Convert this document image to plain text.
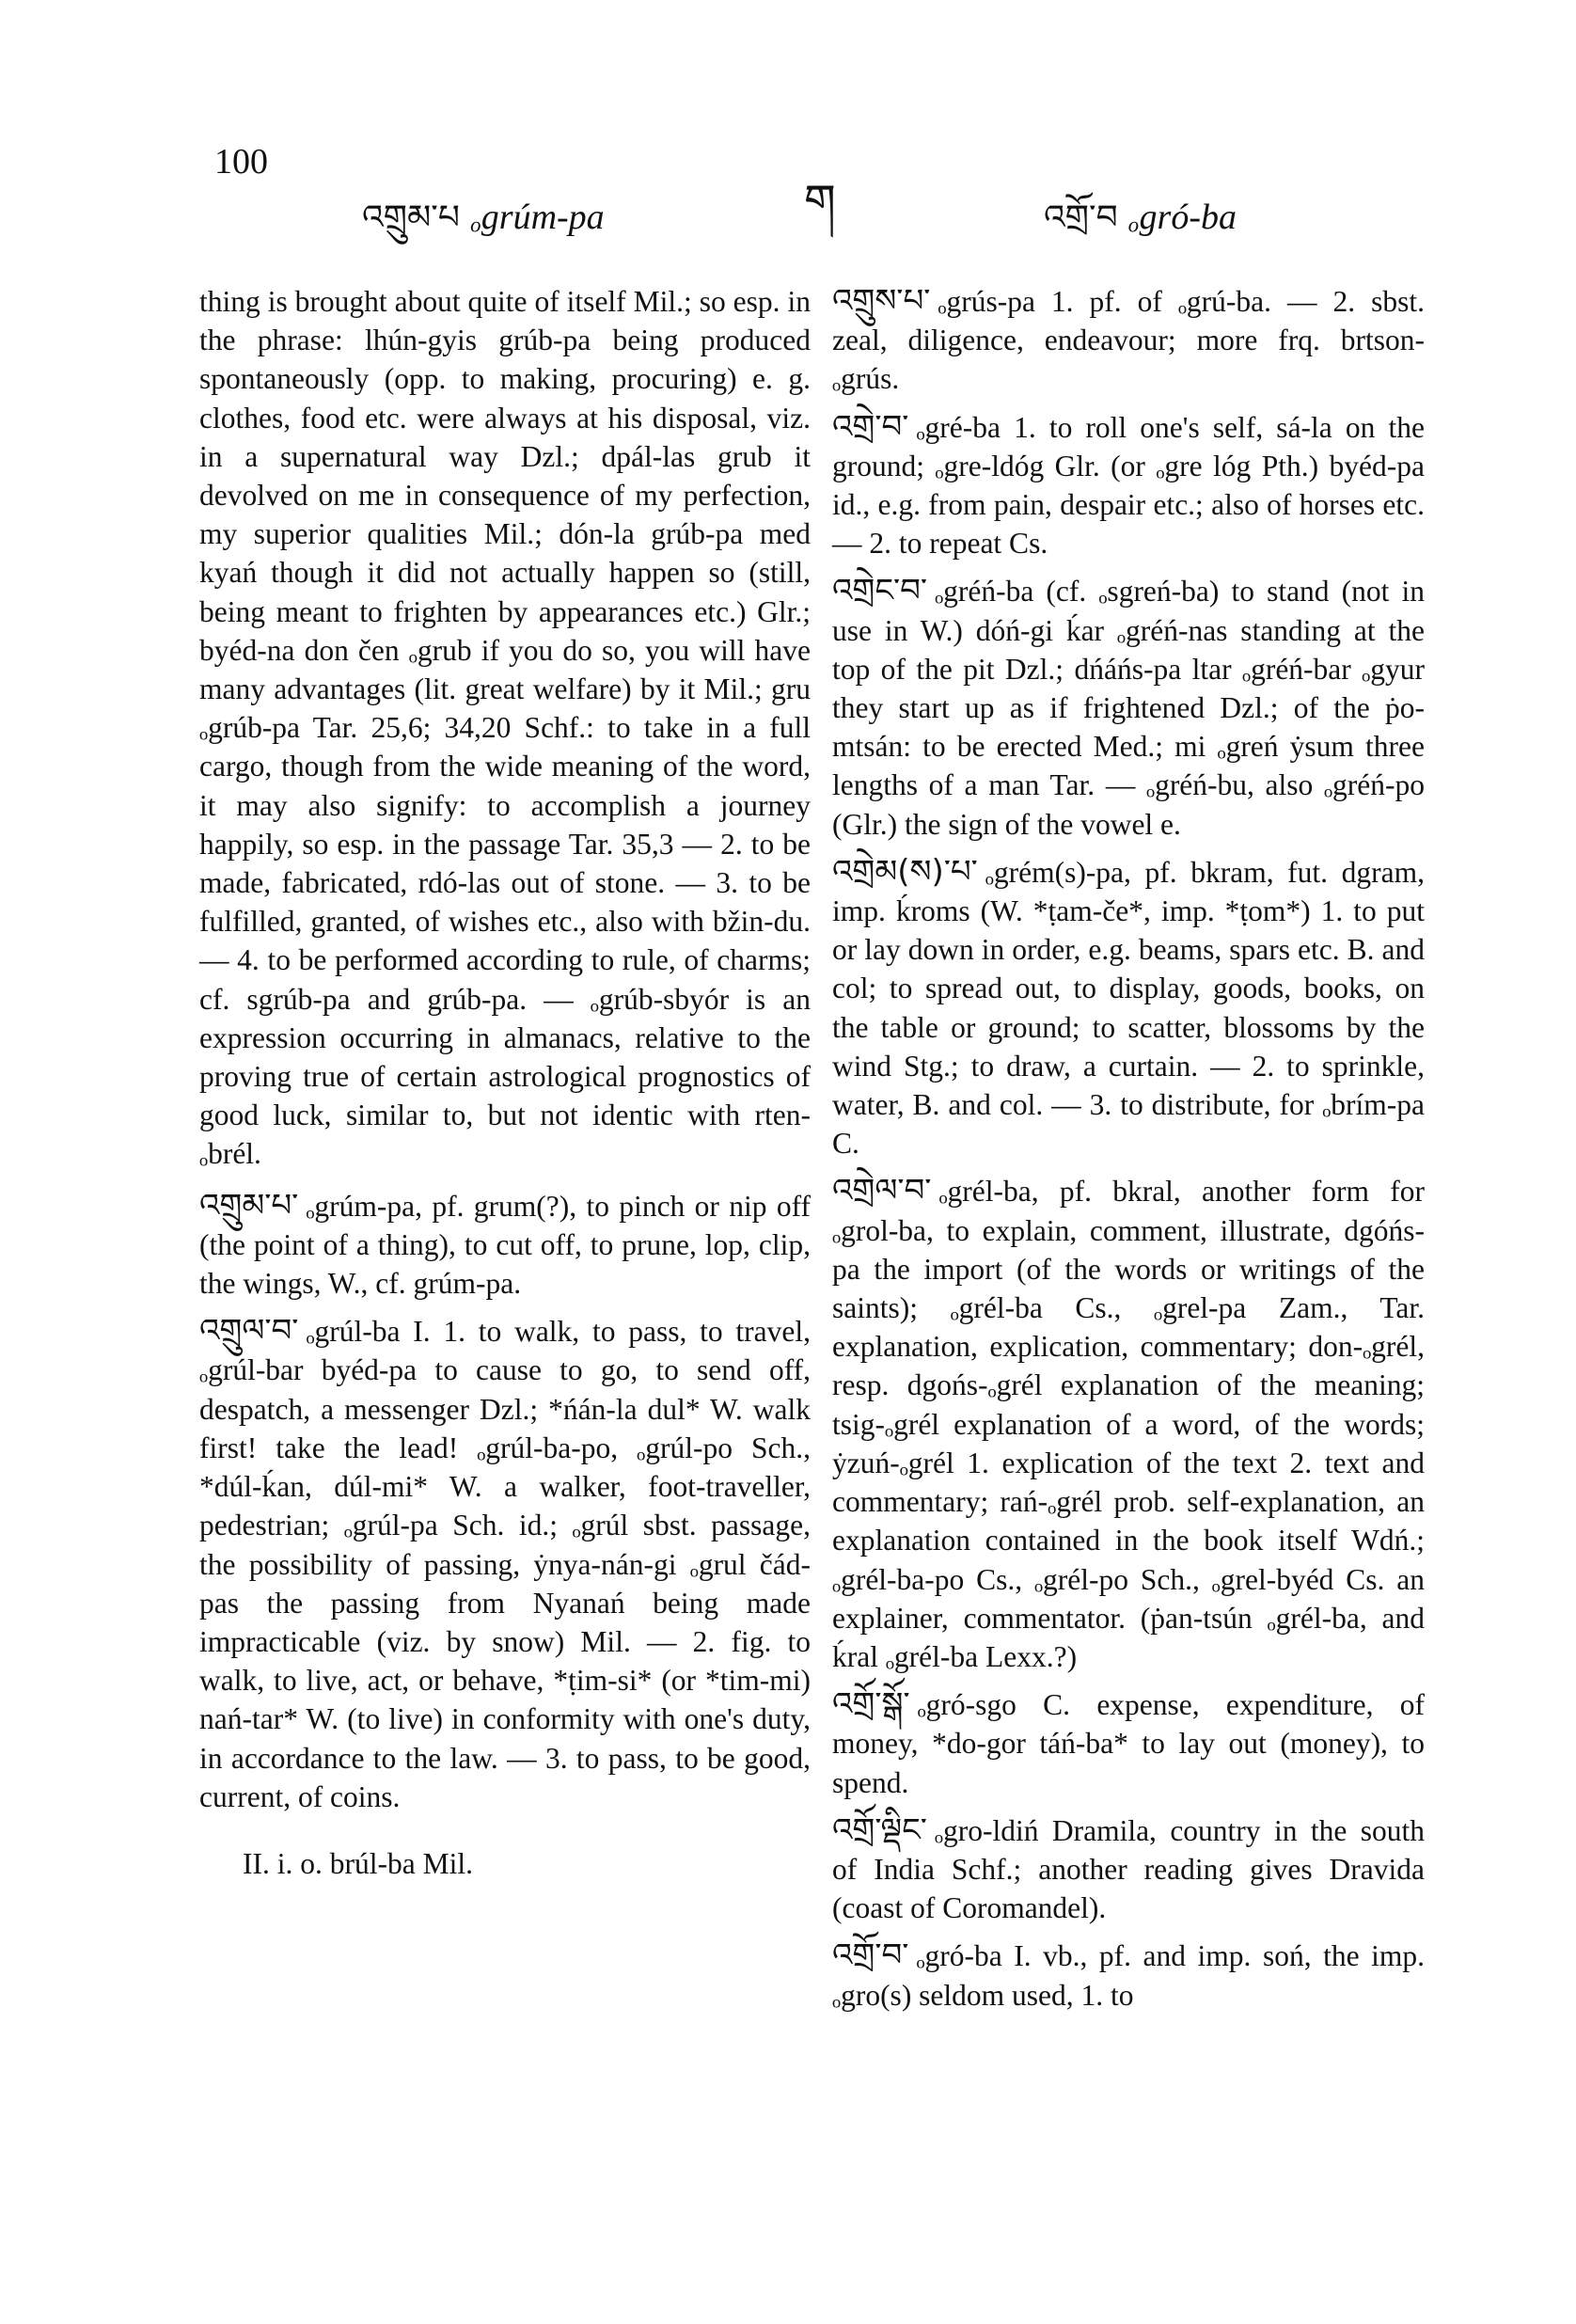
100
འགྲུམ་པ ₒgrúm-pa	ག	འགྲོ་བ ₒgró-ba

thing is brought about quite of itself Mil.; so esp. in the phrase: lhún-gyis grúb-pa being produced spontaneously (opp. to making, procuring) e. g. clothes, food etc. were always at his disposal, viz. in a supernatural way Dzl.; dpál-las grub it devolved on me in consequence of my perfection, my superior qualities Mil.; dón-la grúb-pa med kyań though it did not actually happen so (still, being meant to frighten by appearances etc.) Glr.; byéd-na don čen ₒgrub if you do so, you will have many advantages (lit. great welfare) by it Mil.; gru ₒgrúb-pa Tar. 25,6; 34,20 Schf.: to take in a full cargo, though from the wide meaning of the word, it may also signify: to accomplish a journey happily, so esp. in the passage Tar. 35,3 — 2. to be made, fabricated, rdó-las out of stone. — 3. to be fulfilled, granted, of wishes etc., also with bžin-du. — 4. to be performed according to rule, of charms; cf. sgrúb-pa and grúb-pa. — ₒgrúb-sbyór is an expression occurring in almanacs, relative to the proving true of certain astrological prognostics of good luck, similar to, but not identic with rten-ₒbrél.

འགྲུམ་པ་ ₒgrúm-pa, pf. grum(?), to pinch or nip off (the point of a thing), to cut off, to prune, lop, clip, the wings, W., cf. grúm-pa.

འགྲུལ་བ་ ₒgrúl-ba I. 1. to walk, to pass, to travel, ₒgrúl-bar byéd-pa to cause to go, to send off, despatch, a messenger Dzl.; *ńán-la dul* W. walk first! take the lead! ₒgrúl-ba-po, ₒgrúl-po Sch., *dúl-ḱan, dúl-mi* W. a walker, foot-traveller, pedestrian; ₒgrúl-pa Sch. id.; ₒgrúl sbst. passage, the possibility of passing, ẏnya-nán-gi ₒgrul čád-pas the passing from Nyanań being made impracticable (viz. by snow) Mil. — 2. fig. to walk, to live, act, or behave, *ṭim-si* (or *tim-mi) nań-tar* W. (to live) in conformity with one's duty, in accordance to the law. — 3. to pass, to be good, current, of coins.

II. i. o. brúl-ba Mil.

འགྲུས་པ་ ₒgrús-pa 1. pf. of ₒgrú-ba. — 2. sbst. zeal, diligence, endeavour; more frq. brtson-ₒgrús.

འགྲེ་བ་ ₒgré-ba 1. to roll one's self, sá-la on the ground; ₒgre-ldóg Glr. (or ₒgre lóg Pth.) byéd-pa id., e.g. from pain, despair etc.; also of horses etc. — 2. to repeat Cs.

འགྲེང་བ་ ₒgréń-ba (cf. ₒsgreń-ba) to stand (not in use in W.) dóń-gi ḱar ₒgréń-nas standing at the top of the pit Dzl.; dńáńs-pa ltar ₒgréń-bar ₒgyur they start up as if frightened Dzl.; of the ṗo-mtsán: to be erected Med.; mi ₒgreń ẏsum three lengths of a man Tar. — ₒgréń-bu, also ₒgréń-po (Glr.) the sign of the vowel e.

འགྲེམ(ས)་པ་ ₒgrém(s)-pa, pf. bkram, fut. dgram, imp. ḱroms (W. *ṭam-če*, imp. *ṭom*) 1. to put or lay down in order, e.g. beams, spars etc. B. and col; to spread out, to display, goods, books, on the table or ground; to scatter, blossoms by the wind Stg.; to draw, a curtain. — 2. to sprinkle, water, B. and col. — 3. to distribute, for ₒbrím-pa C.

འགྲེལ་བ་ ₒgrél-ba, pf. bkral, another form for ₒgrol-ba, to explain, comment, illustrate, dgóńs-pa the import (of the words or writings of the saints); ₒgrél-ba Cs., ₒgrel-pa Zam., Tar. explanation, explication, commentary; don-ₒgrél, resp. dgońs-ₒgrél explanation of the meaning; tsig-ₒgrél explanation of a word, of the words; ẏzuń-ₒgrél 1. explication of the text 2. text and commentary; rań-ₒgrél prob. self-explanation, an explanation contained in the book itself Wdń.; ₒgrél-ba-po Cs., ₒgrél-po Sch., ₒgrel-byéd Cs. an explainer, commentator. (ṗan-tsún ₒgrél-ba, and ḱral ₒgrél-ba Lexx.?)

འགྲོ་སྒོ་ ₒgró-sgo C. expense, expenditure, of money, *do-gor táń-ba* to lay out (money), to spend.

འགྲོ་ལྡིང་ ₒgro-ldiń Dramila, country in the south of India Schf.; another reading gives Dravida (coast of Coromandel).

འགྲོ་བ་ ₒgró-ba I. vb., pf. and imp. soń, the imp. ₒgro(s) seldom used, 1. to
